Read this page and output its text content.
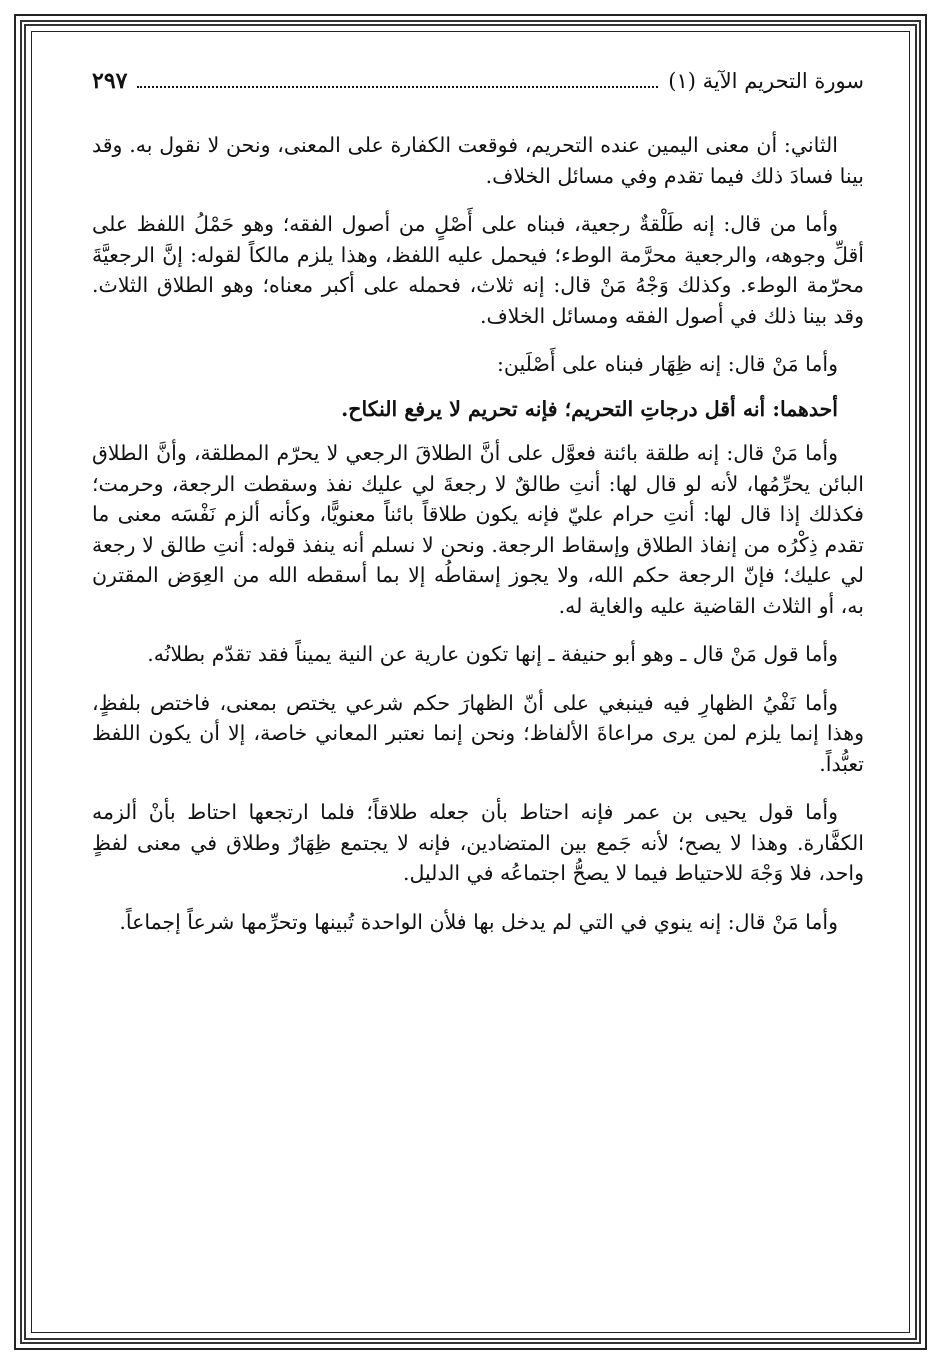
سورة التحريم الآية (١)
٢٩٧

الثاني: أن معنى اليمين عنده التحريم، فوقعت الكفارة على المعنى، ونحن لا نقول به. وقد بينا فسادَ ذلك فيما تقدم وفي مسائل الخلاف.

وأما من قال: إنه طَلْقةٌ رجعية، فبناه على أَصْلٍ من أصول الفقه؛ وهو حَمْلُ اللفظ على أقلِّ وجوهه، والرجعية محرَّمة الوطء؛ فيحمل عليه اللفظ، وهذا يلزم مالكاً لقوله: إنَّ الرجعيَّةَ محرّمة الوطء. وكذلك وَجْهُ مَنْ قال: إنه ثلاث، فحمله على أكبر معناه؛ وهو الطلاق الثلاث. وقد بينا ذلك في أصول الفقه ومسائل الخلاف.

وأما مَنْ قال: إنه ظِهَار فبناه على أَصْلَين:

أحدهما: أنه أقل درجاتِ التحريم؛ فإنه تحريم لا يرفع النكاح.

وأما مَنْ قال: إنه طلقة بائنة فعوَّل على أنَّ الطلاقَ الرجعي لا يحرّم المطلقة، وأنَّ الطلاق البائن يحرِّمُها، لأنه لو قال لها: أنتِ طالقٌ لا رجعةَ لي عليك نفذ وسقطت الرجعة، وحرمت؛ فكذلك إذا قال لها: أنتِ حرام عليّ فإنه يكون طلاقاً بائناً معنويًّا، وكأنه ألزم نَفْسَه معنى ما تقدم ذِكْرُه من إنفاذ الطلاق وإسقاط الرجعة. ونحن لا نسلم أنه ينفذ قوله: أنتِ طالق لا رجعة لي عليك؛ فإنّ الرجعة حكم الله، ولا يجوز إسقاطُه إلا بما أسقطه الله من العِوَض المقترن به، أو الثلاث القاضية عليه والغاية له.

وأما قول مَنْ قال ـ وهو أبو حنيفة ـ إنها تكون عارية عن النية يميناً فقد تقدّم بطلانُه.

وأما نَفْيُ الظهارِ فيه فينبغي على أنّ الظهارَ حكم شرعي يختص بمعنى، فاختص بلفظٍ، وهذا إنما يلزم لمن يرى مراعاةَ الألفاظ؛ ونحن إنما نعتبر المعاني خاصة، إلا أن يكون اللفظ تعبُّداً.

وأما قول يحيى بن عمر فإنه احتاط بأن جعله طلاقاً؛ فلما ارتجعها احتاط بأنْ ألزمه الكفَّارة. وهذا لا يصح؛ لأنه جَمع بين المتضادين، فإنه لا يجتمع ظِهَارٌ وطلاق في معنى لفظٍ واحد، فلا وَجْهَ للاحتياط فيما لا يصحُّ اجتماعُه في الدليل.

وأما مَنْ قال: إنه ينوي في التي لم يدخل بها فلأن الواحدة تُبينها وتحرِّمها شرعاً إجماعاً.
